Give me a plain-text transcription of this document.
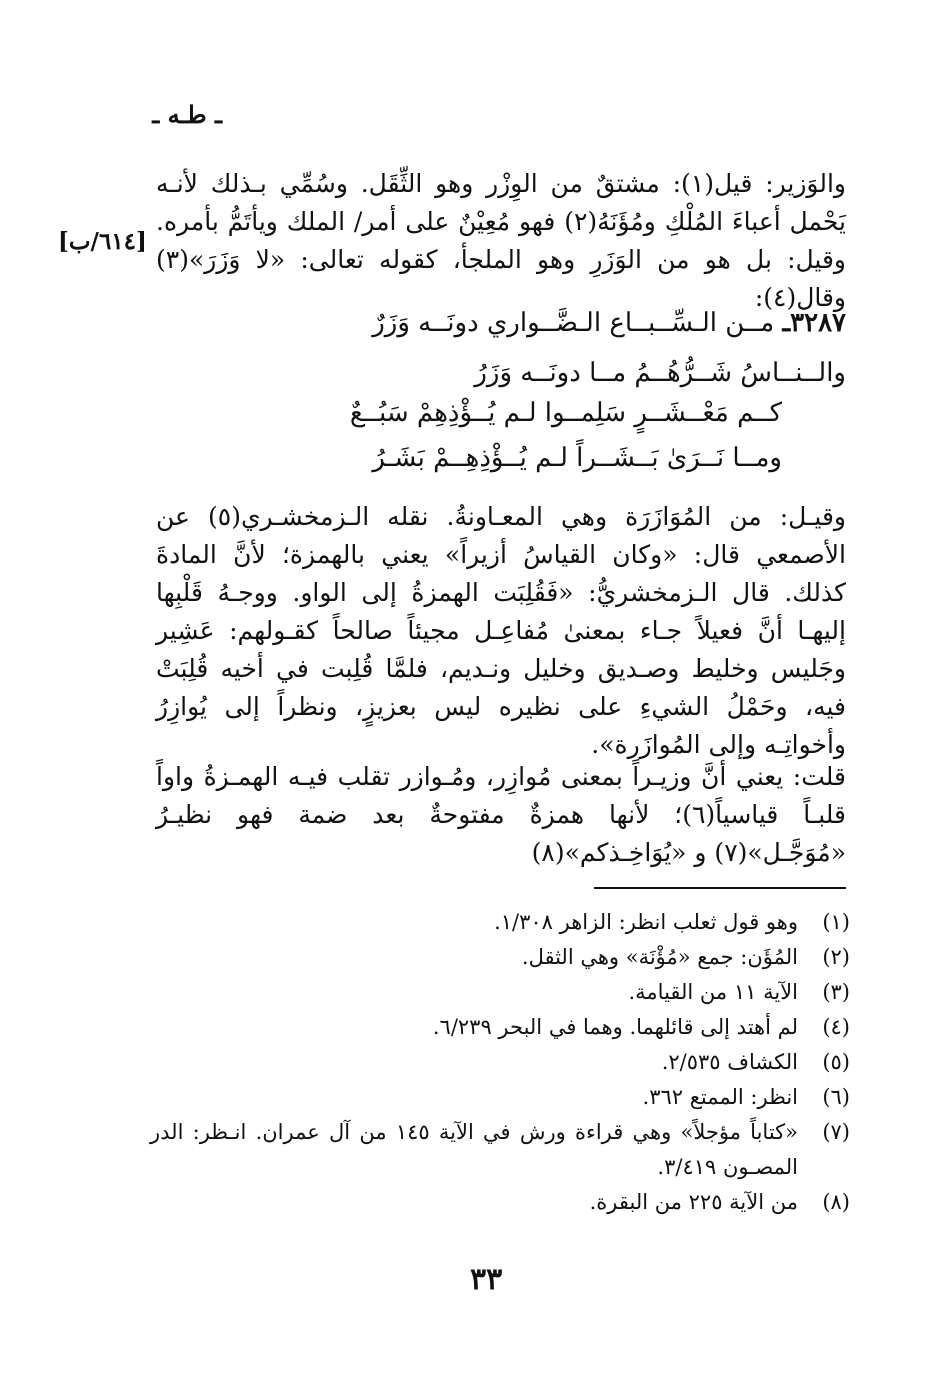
ـ طـه ـ
[٦١٤/ب]

والوَزير: قيل(١): مشتقٌ من الوِزْر وهو الثِّقَل. وسُمِّي بـذلك لأنـه يَحْمل أعباءَ المُلْكِ ومُؤَنَهُ(٢) فهو مُعِيْنٌ على أمر/ الملك ويأتَمُّ بأمره. وقيل: بل هو من الوَزَرِ وهو الملجأ، كقوله تعالى: «لا وَزَرَ»(٣) وقال(٤):

٣٢٨٧ـ مــن الـسِّــبــاع الـضَّــواري دونَــه وَزَرٌ
والــنــاسُ شَــرُّهُــمُ مــا دونَــه وَزَرُ
كــم مَعْــشَــرٍ سَلِمــوا لـم يُــؤْذِهِمْ سَبُــعٌ
ومــا نَــرَىٰ بَــشَــراً لـم يُــؤْذِهِــمْ بَشَـرُ

وقيـل: من المُوَازَرَة وهي المعـاونةُ. نقله الـزمخشـري(٥) عن الأصمعي قال: «وكان القياسُ أزيراً» يعني بالهمزة؛ لأنَّ المادةَ كذلك. قال الـزمخشريُّ: «فَقُلِبَت الهمزةُ إلى الواو. ووجـهُ قَلْبِها إليهـا أنَّ فعيلاً جـاء بمعنىٰ مُفاعِـل مجيئاً صالحاً كقـولهم: عَشِير وجَليس وخليط وصـديق وخليل ونـديم، فلمَّا قُلِبت في أخيه قُلِبَتْ فيه، وحَمْلُ الشيءِ على نظيره ليس بعزيزٍ، ونظراً إلى يُوازِرُ وأخواتِـه وإلى المُوازَرة».

قلت: يعني أنَّ وزيـراً بمعنى مُوازِر، ومُـوازر تقلب فيـه الهمـزةُ واواً قلبـاً قياسياً(٦)؛ لأنها همزةٌ مفتوحةٌ بعد ضمة فهو نظيـرُ «مُوَجَّـل»(٧) و «يُوَاخِـذكم»(٨)

(١)
وهو قول ثعلب انظر: الزاهر ١/٣٠٨.
(٢)
المُؤَن: جمع «مُؤْنَة» وهي الثقل.
(٣)
الآية ١١ من القيامة.
(٤)
لم أهتد إلى قائلهما. وهما في البحر ٦/٢٣٩.
(٥)
الكشاف ٢/٥٣٥.
(٦)
انظر: الممتع ٣٦٢.
(٧)
«كتاباً مؤجلاً» وهي قراءة ورش في الآية ١٤٥ من آل عمران. انـظر: الدر المصـون ٣/٤١٩.
(٨)
من الآية ٢٢٥ من البقرة.
٣٣
